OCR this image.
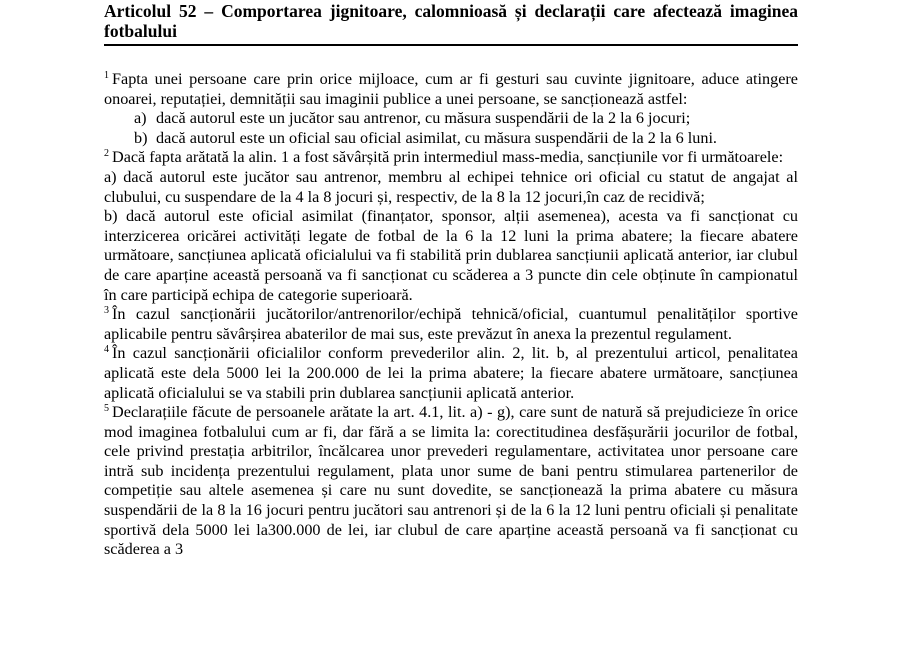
Articolul 52 – Comportarea jignitoare, calomnioasă și declarații care afectează imaginea fotbalului

$^1$ Fapta unei persoane care prin orice mijloace, cum ar fi gesturi sau cuvinte jignitoare, aduce atingere onoarei, reputației, demnității sau imaginii publice a unei persoane, se sancționează astfel:

a) dacă autorul este un jucător sau antrenor, cu măsura suspendării de la 2 la 6 jocuri;

b) dacă autorul este un oficial sau oficial asimilat, cu măsura suspendării de la 2 la 6 luni.

$^2$ Dacă fapta arătată la alin. 1 a fost săvârșită prin intermediul mass-media, sancțiunile vor fi următoarele:

a) dacă autorul este jucător sau antrenor, membru al echipei tehnice ori oficial cu statut de angajat al clubului, cu suspendare de la 4 la 8 jocuri și, respectiv, de la 8 la 12 jocuri,în caz de recidivă;

b) dacă autorul este oficial asimilat (finanțator, sponsor, alții asemenea), acesta va fi sancționat cu interzicerea oricărei activități legate de fotbal de la 6 la 12 luni la prima abatere; la fiecare abatere următoare, sancțiunea aplicată oficialului va fi stabilită prin dublarea sancțiunii aplicată anterior, iar clubul de care aparține această persoană va fi sancționat cu scăderea a 3 puncte din cele obținute în campionatul în care participă echipa de categorie superioară.

$^3$ În cazul sancționării jucătorilor/antrenorilor/echipă tehnică/oficial, cuantumul penalităților sportive aplicabile pentru săvârșirea abaterilor de mai sus, este prevăzut în anexa la prezentul regulament.

$^4$ În cazul sancționării oficialilor conform prevederilor alin. 2, lit. b, al prezentului articol, penalitatea aplicată este dela 5000 lei la 200.000 de lei la prima abatere; la fiecare abatere următoare, sancțiunea aplicată oficialului se va stabili prin dublarea sancțiunii aplicată anterior.

$^5$ Declarațiile făcute de persoanele arătate la art. 4.1, lit. a) - g), care sunt de natură să prejudicieze în orice mod imaginea fotbalului cum ar fi, dar fără a se limita la: corectitudinea desfășurării jocurilor de fotbal, cele privind prestația arbitrilor, încălcarea unor prevederi regulamentare, activitatea unor persoane care intră sub incidența prezentului regulament, plata unor sume de bani pentru stimularea partenerilor de competiție sau altele asemenea și care nu sunt dovedite, se sancționează la prima abatere cu măsura suspendării de la 8 la 16 jocuri pentru jucători sau antrenori și de la 6 la 12 luni pentru oficiali și penalitate sportivă dela 5000 lei la300.000 de lei, iar clubul de care aparține această persoană va fi sancționat cu scăderea a 3
